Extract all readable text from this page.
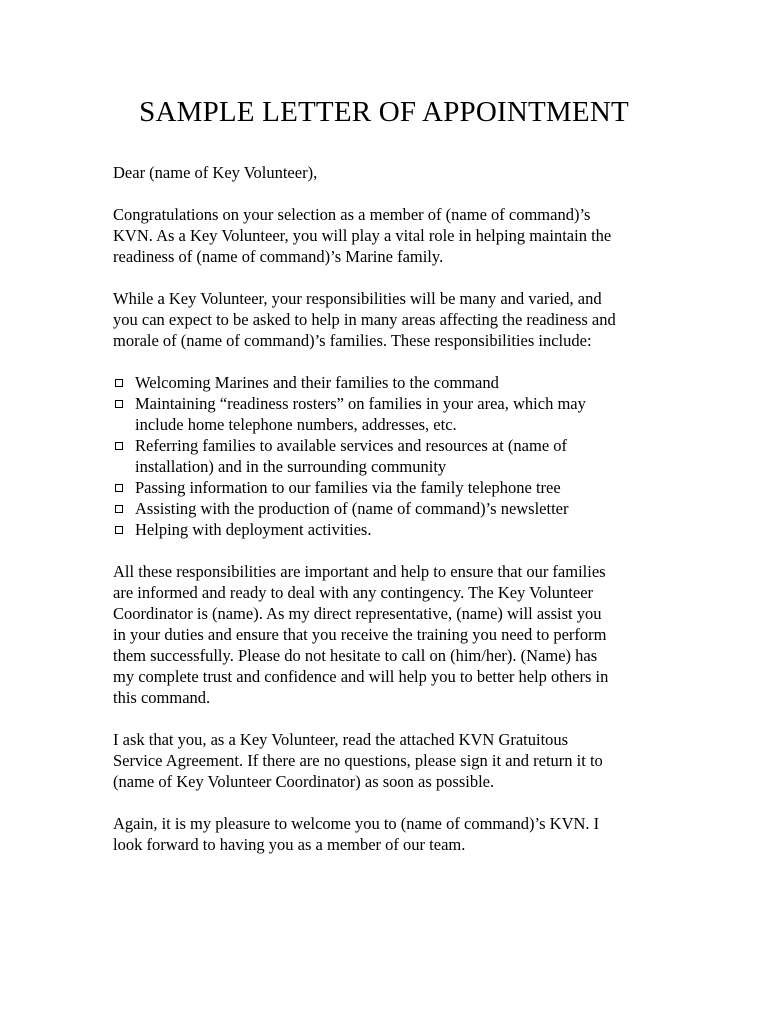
SAMPLE LETTER OF APPOINTMENT

Dear (name of Key Volunteer),

Congratulations on your selection as a member of (name of command)’s
KVN. As a Key Volunteer, you will play a vital role in helping maintain the
readiness of (name of command)’s Marine family.

While a Key Volunteer, your responsibilities will be many and varied, and
you can expect to be asked to help in many areas affecting the readiness and
morale of (name of command)’s families. These responsibilities include:

Welcoming Marines and their families to the command
Maintaining “readiness rosters” on families in your area, which may
include home telephone numbers, addresses, etc.
Referring families to available services and resources at (name of
installation) and in the surrounding community
Passing information to our families via the family telephone tree
Assisting with the production of (name of command)’s newsletter
Helping with deployment activities.

All these responsibilities are important and help to ensure that our families
are informed and ready to deal with any contingency. The Key Volunteer
Coordinator is (name). As my direct representative, (name) will assist you
in your duties and ensure that you receive the training you need to perform
them successfully. Please do not hesitate to call on (him/her). (Name) has
my complete trust and confidence and will help you to better help others in
this command.

I ask that you, as a Key Volunteer, read the attached KVN Gratuitous
Service Agreement. If there are no questions, please sign it and return it to
(name of Key Volunteer Coordinator) as soon as possible.

Again, it is my pleasure to welcome you to (name of command)’s KVN. I
look forward to having you as a member of our team.
